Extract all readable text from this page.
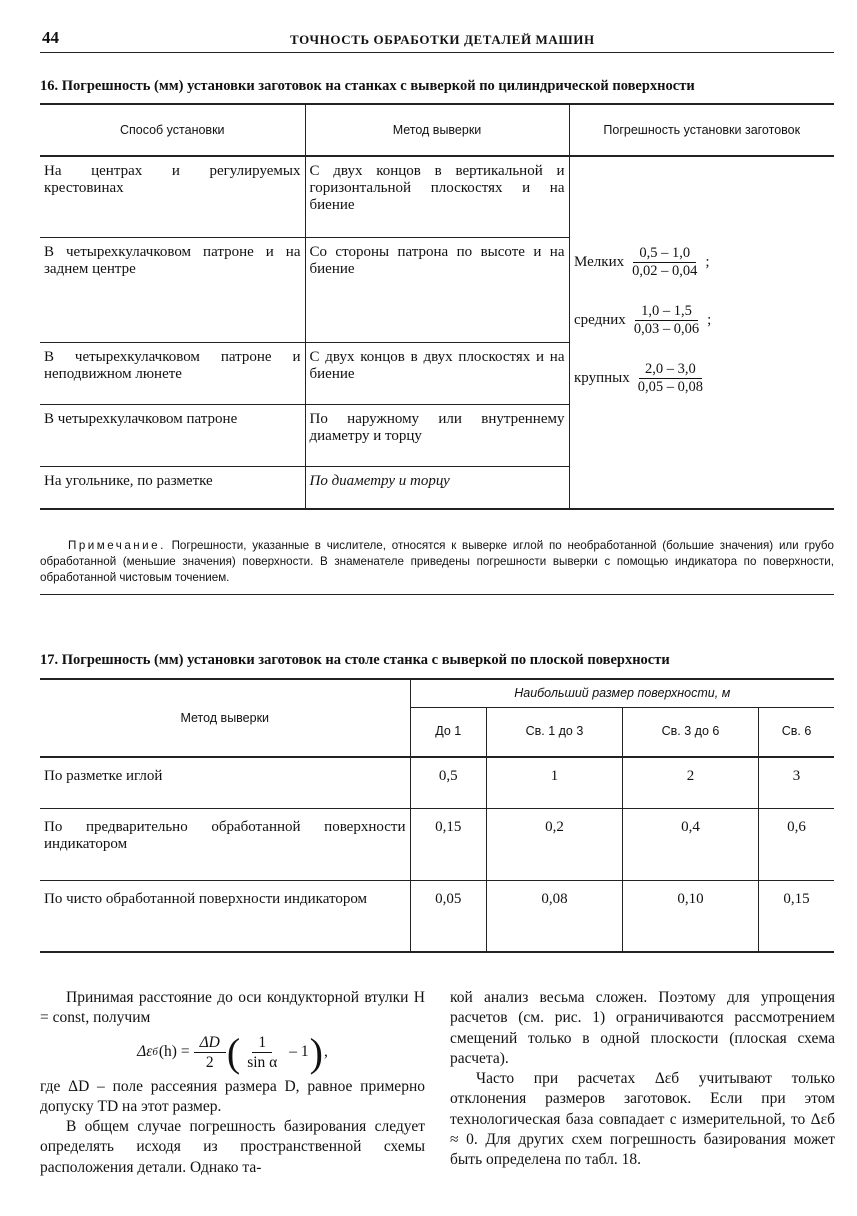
44	ТОЧНОСТЬ ОБРАБОТКИ ДЕТАЛЕЙ МАШИН
16. Погрешность (мм) установки заготовок на станках с выверкой по цилиндрической поверхности
Способ установки	Метод выверки	Погрешность установки заготовок
На центрах и регулируемых крестовинах	С двух концов в вертикальной и горизонтальной плоскостях и на биение	
В четырехкулачковом патроне и на заднем центре	Со стороны патрона по высоте и на биение	
В четырехкулачковом патроне и неподвижном люнете	С двух концов в двух плоскостях и на биение	
В четырехкулачковом патроне	По наружному или внутреннему диаметру и торцу	
На угольнике, по разметке	По диаметру и торцу	
Мелких $\frac{0,5 - 1,0}{0,02 - 0,04}$ ;
средних $\frac{1,0 - 1,5}{0,03 - 0,06}$ ;
крупных $\frac{2,0 - 3,0}{0,05 - 0,08}$
Примечание. Погрешности, указанные в числителе, относятся к выверке иглой по необработанной (большие значения) или грубо обработанной (меньшие значения) поверхности. В знаменателе приведены погрешности выверки с помощью индикатора по поверхности, обработанной чистовым точением.
17. Погрешность (мм) установки заготовок на столе станка с выверкой по плоской поверхности
Метод выверки	Наибольший размер поверхности, м			
	До 1	Св. 1 до 3	Св. 3 до 6	Св. 6
По разметке иглой	0,5	1	2	3
По предварительно обработанной поверхности индикатором	0,15	0,2	0,4	0,6
По чисто обработанной поверхности индикатором	0,05	0,08	0,10	0,15

Принимая расстояние до оси кондукторной втулки H = const, получим

Δε б $(h) = \frac{\Delta D}{2}$ ( $\frac{1}{\text{sin α}} - 1$ ) ,

где ΔD – поле рассеяния размера D, равное примерно допуску TD на этот размер.

В общем случае погрешность базирования следует определять исходя из пространственной схемы расположения детали. Однако та-

кой анализ весьма сложен. Поэтому для упрощения расчетов (см. рис. 1) ограничиваются рассмотрением смещений только в одной плоскости (плоская схема расчета).

Часто при расчетах Δεб учитывают только отклонения размеров заготовок. Если при этом технологическая база совпадает с измерительной, то Δεб ≈ 0. Для других схем погрешность базирования может быть определена по табл. 18.
